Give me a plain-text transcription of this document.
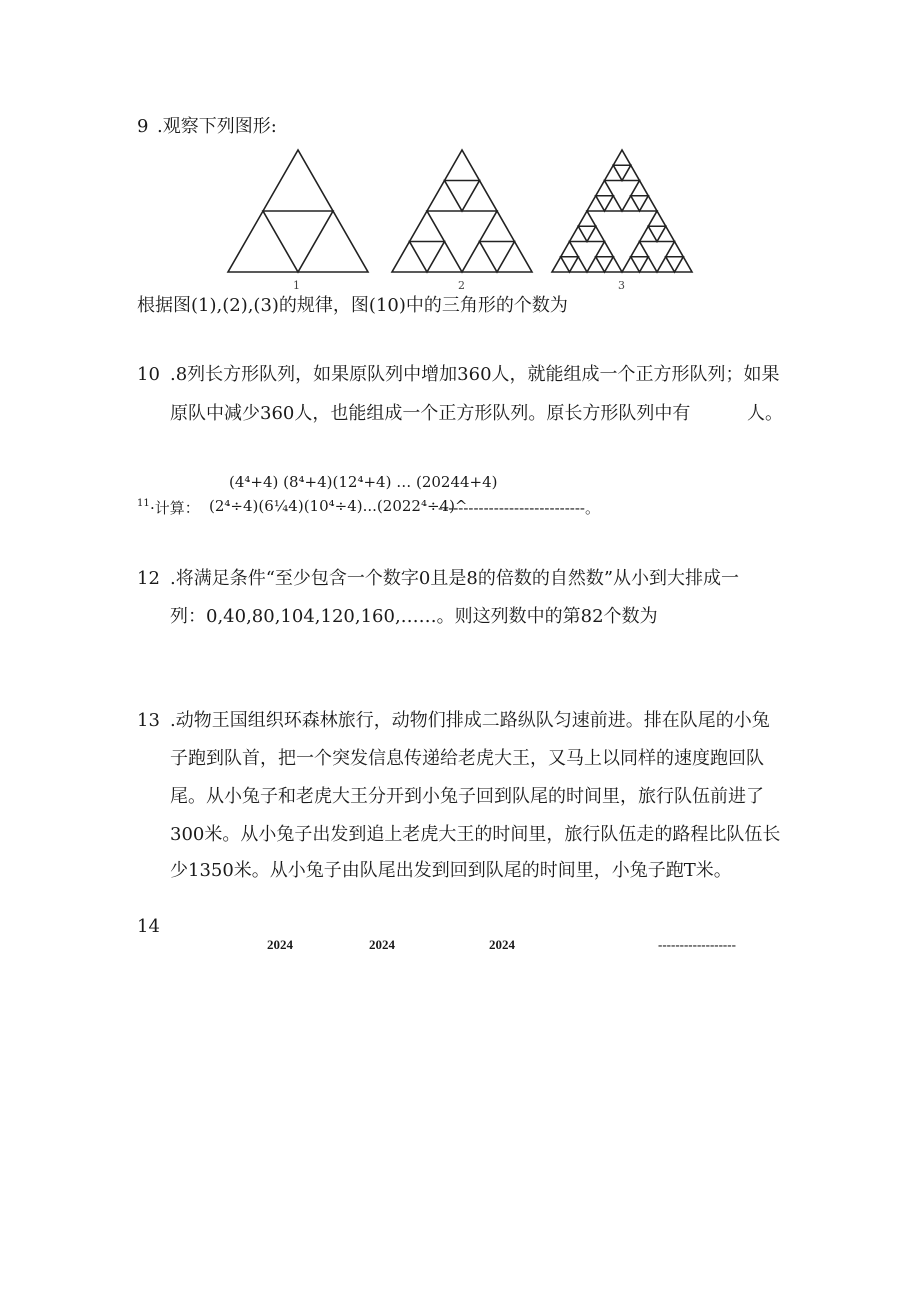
9 .观察下列图形:
1	2	3
根据图(1),(2),(3)的规律，图(10)中的三角形的个数为
10 .8列长方形队列，如果原队列中增加360人，就能组成一个正方形队列；如果
原队中减少360人，也能组成一个正方形队列。原长方形队列中有	人。
(4⁴+4) (8⁴+4)(12⁴+4) … (20244+4)
11 ·计算： (2⁴÷4)(6¼4)(10⁴÷4)...(2022⁴÷4)^
-----------------------------。
12 .将满足条件“至少包含一个数字0且是8的倍数的自然数”从小到大排成一
列：0,40,80,104,120,160,……。则这列数中的第82个数为
13 .动物王国组织环森林旅行，动物们排成二路纵队匀速前进。排在队尾的小兔
子跑到队首，把一个突发信息传递给老虎大王，又马上以同样的速度跑回队
尾。从小兔子和老虎大王分开到小兔子回到队尾的时间里，旅行队伍前进了
300米。从小兔子出发到追上老虎大王的时间里，旅行队伍走的路程比队伍长
少1350米。从小兔子由队尾出发到回到队尾的时间里，小兔子跑T米。
14
2024	2024	2024	------------------
